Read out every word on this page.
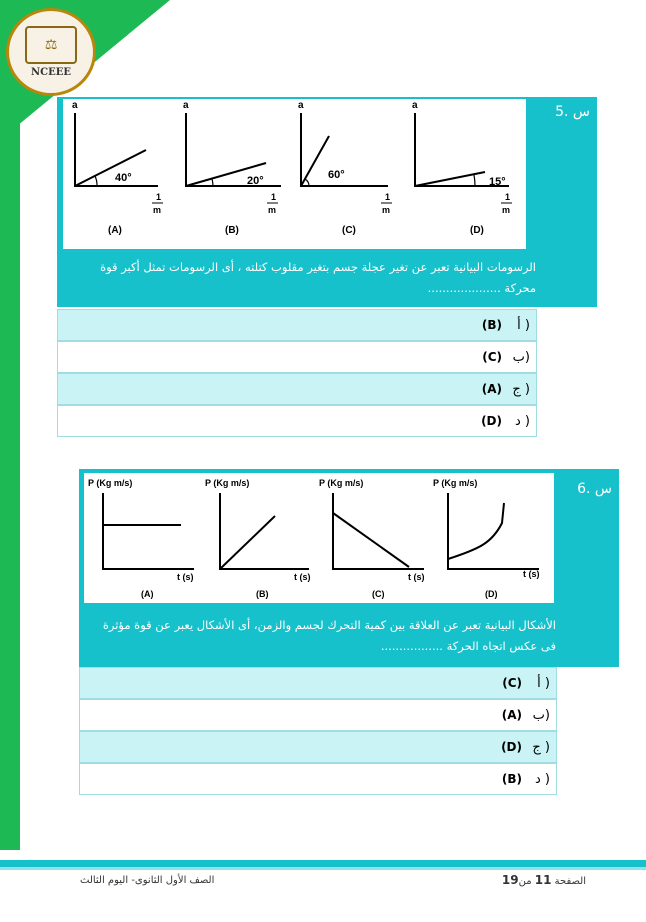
⚖
NCEEE
س .5
a	a	a	a
40°	20°	60°
15°
1
m
1
m
1
m
1
m
(A)	(B)	(C)	(D)
الرسومات البيانية تعبر عن تغير عجلة جسم بتغير مقلوب كتلته ، أى الرسومات تمثل أكبر قوة
محركة ....................
أ )
(B)
ب)
(C)
ج )
(A)
د )
(D)
س .6
P (Kg m/s)	P (Kg m/s)	P (Kg m/s)	P (Kg m/s)
t (s)	t (s)	t (s)	t (s)
(A)	(B)	(C)	(D)
الأشكال البيانية تعبر عن العلاقة بين كمية التحرك لجسم والزمن، أى الأشكال يعبر عن قوة مؤثرة
فى عكس اتجاه الحركة .................
أ )
(C)
ب)
(A)
ج )
(D)
د )
(B)
الصف الأول الثانوى- اليوم الثالث	الصفحة 11 من19
